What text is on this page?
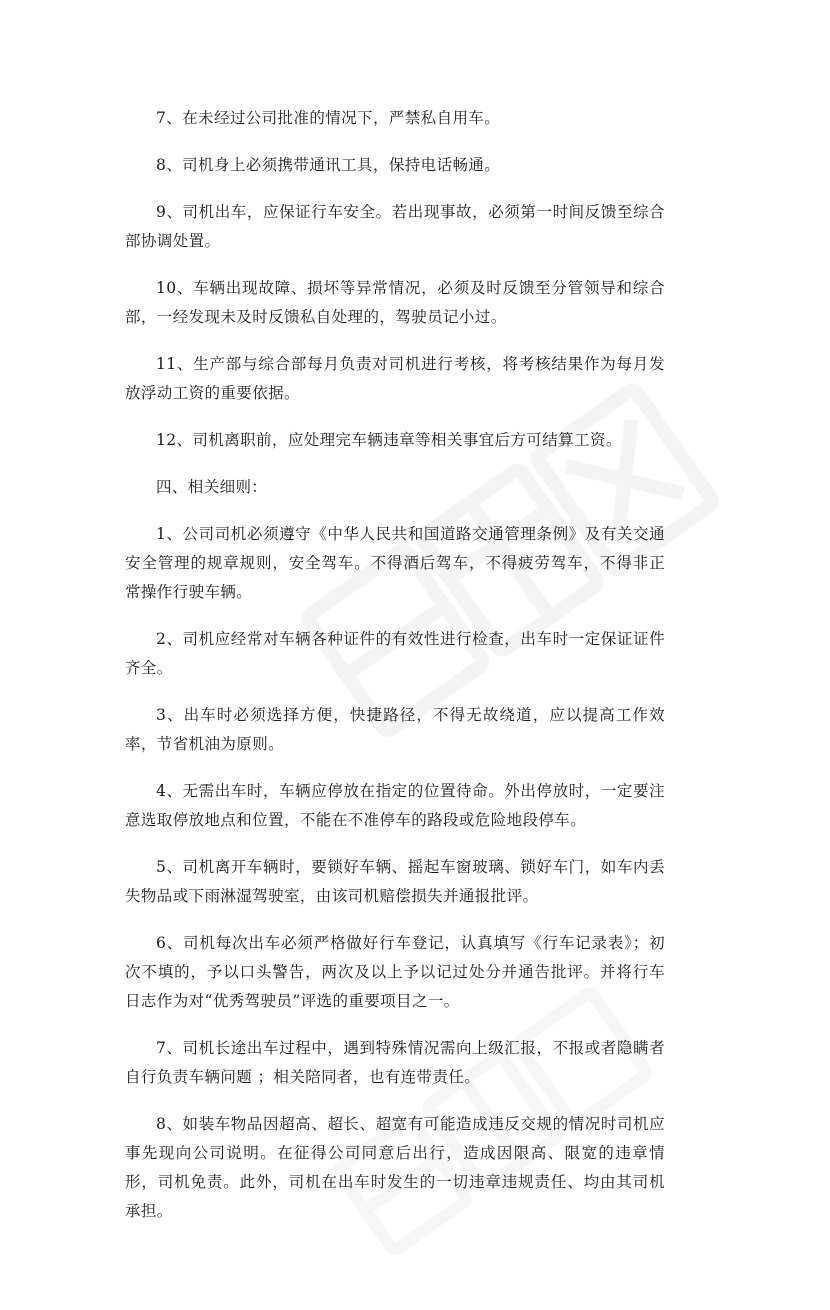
7、在未经过公司批准的情况下，严禁私自用车。

8、司机身上必须携带通讯工具，保持电话畅通。

9、司机出车，应保证行车安全。若出现事故，必须第一时间反馈至综合部协调处置。

10、车辆出现故障、损坏等异常情况，必须及时反馈至分管领导和综合部，一经发现未及时反馈私自处理的，驾驶员记小过。

11、生产部与综合部每月负责对司机进行考核，将考核结果作为每月发放浮动工资的重要依据。

12、司机离职前，应处理完车辆违章等相关事宜后方可结算工资。

四、相关细则：

1、公司司机必须遵守《中华人民共和国道路交通管理条例》及有关交通安全管理的规章规则，安全驾车。不得酒后驾车，不得疲劳驾车，不得非正常操作行驶车辆。

2、司机应经常对车辆各种证件的有效性进行检查，出车时一定保证证件齐全。

3、出车时必须选择方便，快捷路径，不得无故绕道，应以提高工作效率，节省机油为原则。

4、无需出车时，车辆应停放在指定的位置待命。外出停放时，一定要注意选取停放地点和位置，不能在不准停车的路段或危险地段停车。

5、司机离开车辆时，要锁好车辆、摇起车窗玻璃、锁好车门，如车内丢失物品或下雨淋湿驾驶室，由该司机赔偿损失并通报批评。

6、司机每次出车必须严格做好行车登记，认真填写《行车记录表》；初次不填的，予以口头警告，两次及以上予以记过处分并通告批评。并将行车日志作为对“优秀驾驶员”评选的重要项目之一。

7、司机长途出车过程中，遇到特殊情况需向上级汇报，不报或者隐瞒者自行负责车辆问题 ；相关陪同者，也有连带责任。

8、如装车物品因超高、超长、超宽有可能造成违反交规的情况时司机应事先现向公司说明。在征得公司同意后出行，造成因限高、限宽的违章情形，司机免责。此外，司机在出车时发生的一切违章违规责任、均由其司机承担。
